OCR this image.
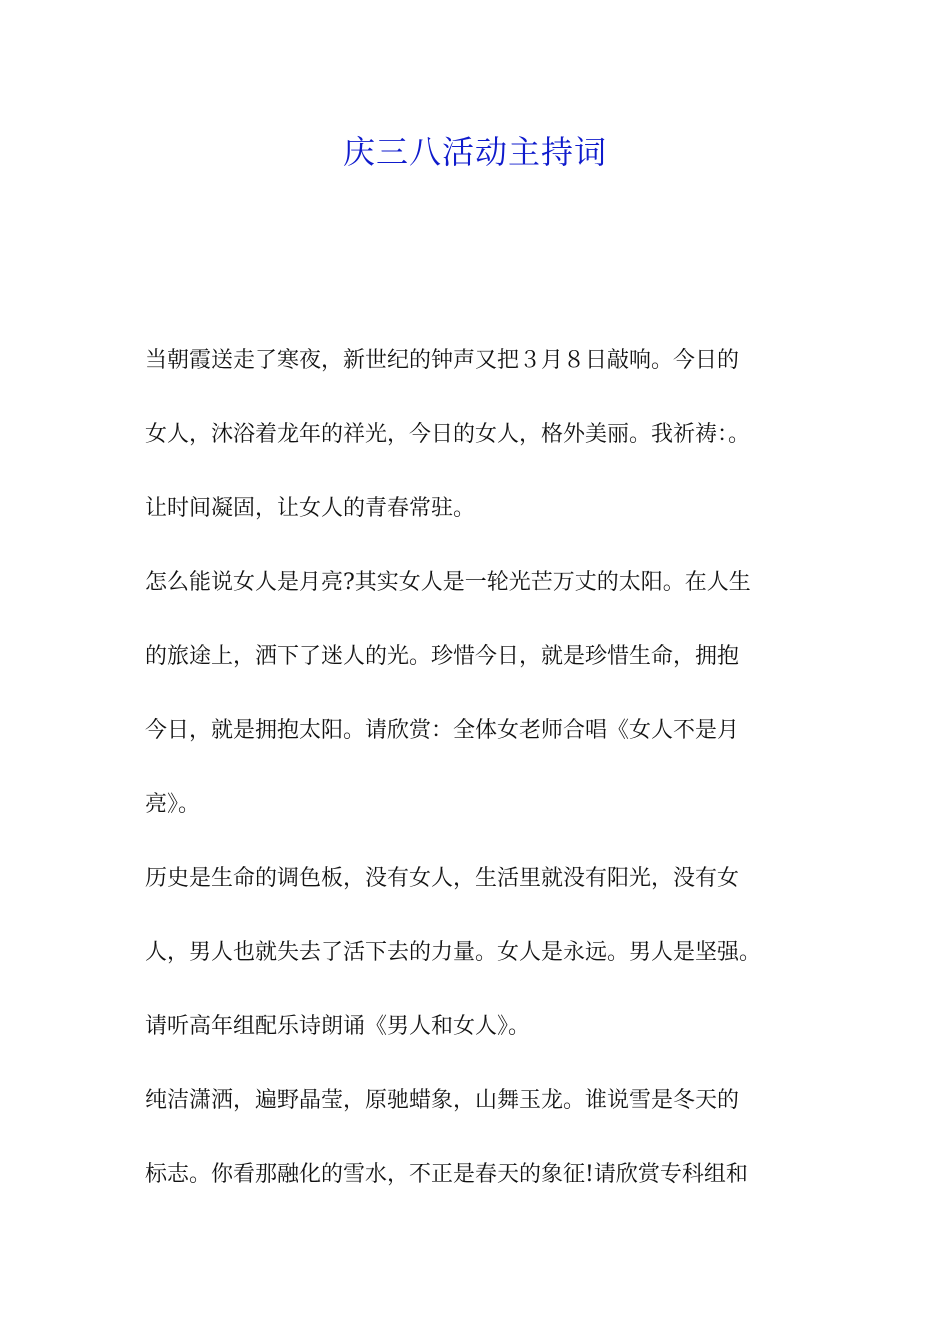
庆三八活动主持词
当朝霞送走了寒夜，新世纪的钟声又把３月８日敲响。今日的
女人，沐浴着龙年的祥光，今日的女人，格外美丽。我祈祷：。
让时间凝固，让女人的青春常驻。
怎么能说女人是月亮?其实女人是一轮光芒万丈的太阳。在人生
的旅途上，洒下了迷人的光。珍惜今日，就是珍惜生命，拥抱
今日，就是拥抱太阳。请欣赏：全体女老师合唱《女人不是月
亮》。
历史是生命的调色板，没有女人，生活里就没有阳光，没有女
人，男人也就失去了活下去的力量。女人是永远。男人是坚强。
请听高年组配乐诗朗诵《男人和女人》。
纯洁潇洒，遍野晶莹，原驰蜡象，山舞玉龙。谁说雪是冬天的
标志。你看那融化的雪水，不正是春天的象征!请欣赏专科组和
